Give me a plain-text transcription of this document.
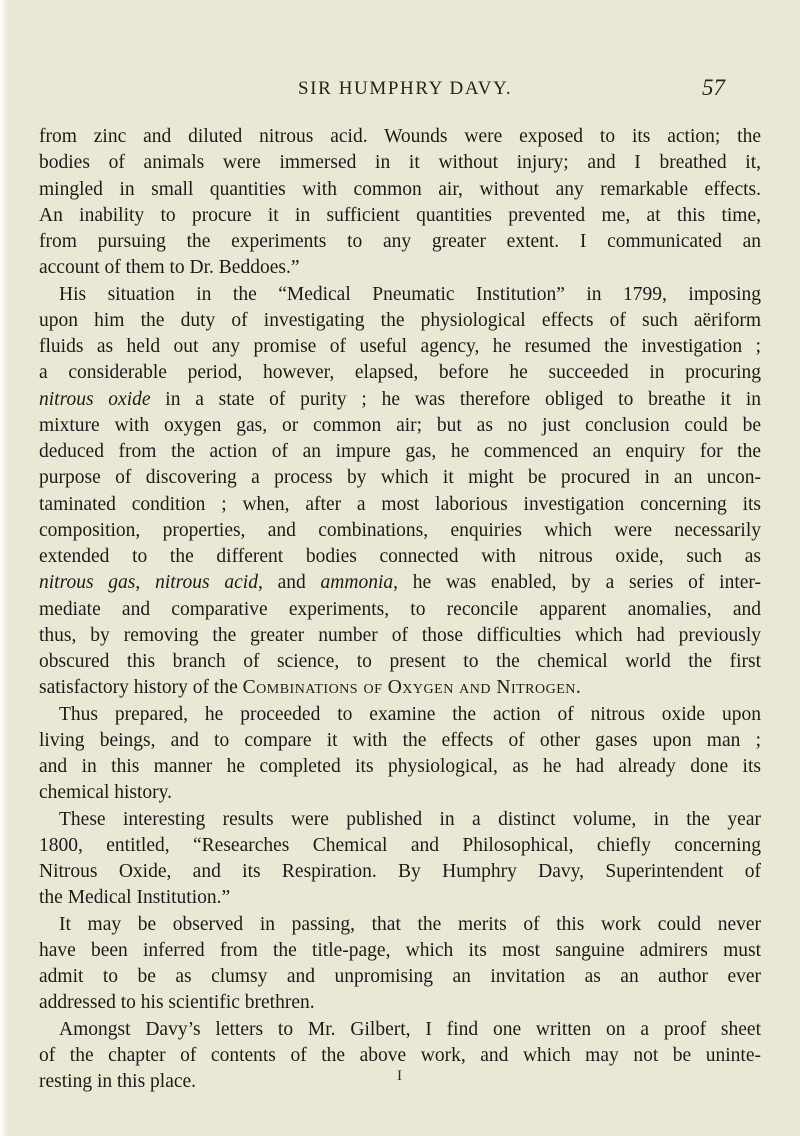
SIR HUMPHRY DAVY.	57
from zinc and diluted nitrous acid. Wounds were exposed to its action; the
bodies of animals were immersed in it without injury; and I breathed it,
mingled in small quantities with common air, without any remarkable effects.
An inability to procure it in sufficient quantities prevented me, at this time,
from pursuing the experiments to any greater extent. I communicated an
account of them to Dr. Beddoes.”
His situation in the “Medical Pneumatic Institution” in 1799, imposing
upon him the duty of investigating the physiological effects of such aëriform
fluids as held out any promise of useful agency, he resumed the investigation ;
a considerable period, however, elapsed, before he succeeded in procuring
nitrous oxide in a state of purity ; he was therefore obliged to breathe it in
mixture with oxygen gas, or common air; but as no just conclusion could be
deduced from the action of an impure gas, he commenced an enquiry for the
purpose of discovering a process by which it might be procured in an uncon-
taminated condition ; when, after a most laborious investigation concerning its
composition, properties, and combinations, enquiries which were necessarily
extended to the different bodies connected with nitrous oxide, such as
nitrous gas, nitrous acid, and ammonia, he was enabled, by a series of inter-
mediate and comparative experiments, to reconcile apparent anomalies, and
thus, by removing the greater number of those difficulties which had previously
obscured this branch of science, to present to the chemical world the first
satisfactory history of the Combinations of Oxygen and Nitrogen.
Thus prepared, he proceeded to examine the action of nitrous oxide upon
living beings, and to compare it with the effects of other gases upon man ;
and in this manner he completed its physiological, as he had already done its
chemical history.
These interesting results were published in a distinct volume, in the year
1800, entitled, “Researches Chemical and Philosophical, chiefly concerning
Nitrous Oxide, and its Respiration. By Humphry Davy, Superintendent of
the Medical Institution.”
It may be observed in passing, that the merits of this work could never
have been inferred from the title-page, which its most sanguine admirers must
admit to be as clumsy and unpromising an invitation as an author ever
addressed to his scientific brethren.
Amongst Davy’s letters to Mr. Gilbert, I find one written on a proof sheet
of the chapter of contents of the above work, and which may not be uninte-
resting in this place.	I
